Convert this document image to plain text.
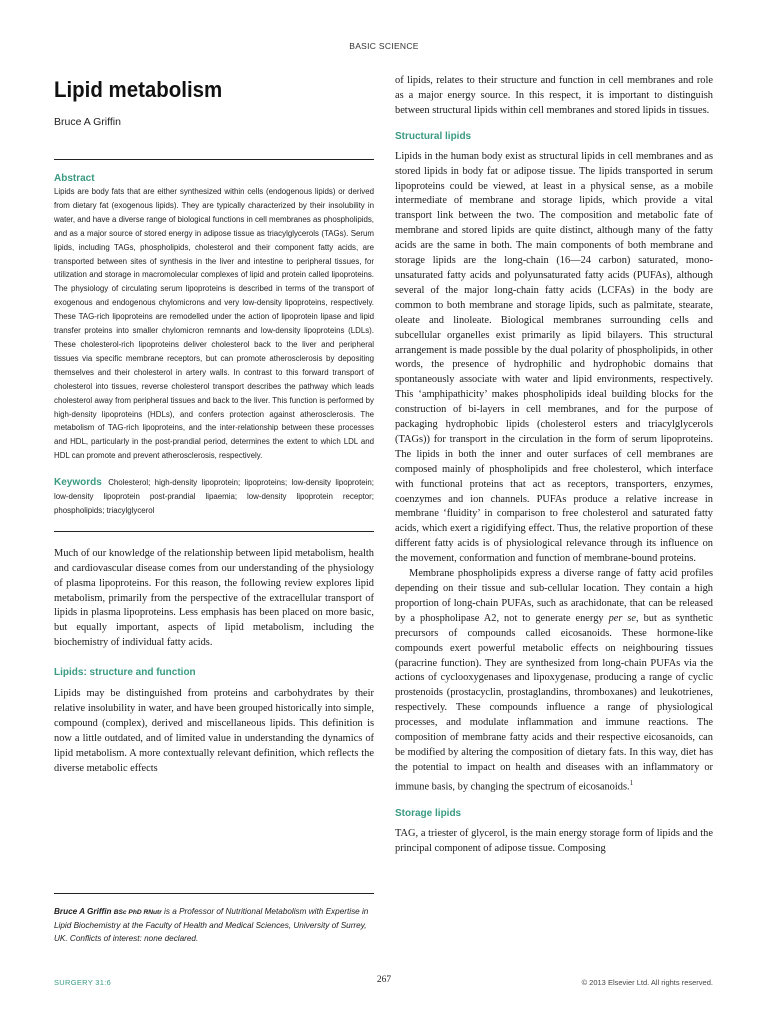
BASIC SCIENCE
Lipid metabolism
Bruce A Griffin
Abstract

Lipids are body fats that are either synthesized within cells (endogenous lipids) or derived from dietary fat (exogenous lipids). They are typically characterized by their insolubility in water, and have a diverse range of biological functions in cell membranes as phospholipids, and as a major source of stored energy in adipose tissue as triacylglycerols (TAGs). Serum lipids, including TAGs, phospholipids, cholesterol and their component fatty acids, are transported between sites of synthesis in the liver and intestine to peripheral tissues, for utilization and storage in macromolecular complexes of lipid and protein called lipoproteins. The physiology of circulating serum lipoproteins is described in terms of the transport of exogenous and endogenous chylomicrons and very low-density lipoproteins, respectively. These TAG-rich lipoproteins are remodelled under the action of lipoprotein lipase and lipid transfer proteins into smaller chylomicron remnants and low-density lipoproteins (LDLs). These cholesterol-rich lipoproteins deliver cholesterol back to the liver and peripheral tissues via specific membrane receptors, but can promote atherosclerosis by depositing themselves and their cholesterol in artery walls. In contrast to this forward transport of cholesterol into tissues, reverse cholesterol transport describes the pathway which leads cholesterol away from peripheral tissues and back to the liver. This function is performed by high-density lipoproteins (HDLs), and confers protection against atherosclerosis. The metabolism of TAG-rich lipoproteins, and the inter-relationship between these processes and HDL, particularly in the post-prandial period, determines the extent to which LDL and HDL can promote and prevent atherosclerosis, respectively.

Keywords Cholesterol; high-density lipoprotein; lipoproteins; low-density lipoprotein; low-density lipoprotein post-prandial lipaemia; low-density lipoprotein receptor; phospholipids; triacylglycerol

Much of our knowledge of the relationship between lipid metabolism, health and cardiovascular disease comes from our understanding of the physiology of plasma lipoproteins. For this reason, the following review explores lipid metabolism, primarily from the perspective of the extracellular transport of lipids in plasma lipoproteins. Less emphasis has been placed on more basic, but equally important, aspects of lipid metabolism, including the biochemistry of individual fatty acids.

Lipids: structure and function

Lipids may be distinguished from proteins and carbohydrates by their relative insolubility in water, and have been grouped historically into simple, compound (complex), derived and miscellaneous lipids. This definition is now a little outdated, and of limited value in understanding the dynamics of lipid metabolism. A more contextually relevant definition, which reflects the diverse metabolic effects

Bruce A Griffin BSc PhD RNutr is a Professor of Nutritional Metabolism with Expertise in Lipid Biochemistry at the Faculty of Health and Medical Sciences, University of Surrey, UK. Conflicts of interest: none declared.

of lipids, relates to their structure and function in cell membranes and role as a major energy source. In this respect, it is important to distinguish between structural lipids within cell membranes and stored lipids in tissues.

Structural lipids

Lipids in the human body exist as structural lipids in cell membranes and as stored lipids in body fat or adipose tissue. The lipids transported in serum lipoproteins could be viewed, at least in a physical sense, as a mobile intermediate of membrane and storage lipids, which provide a vital transport link between the two. The composition and metabolic fate of membrane and stored lipids are quite distinct, although many of the fatty acids are the same in both. The main components of both membrane and storage lipids are the long-chain (16—24 carbon) saturated, mono-unsaturated fatty acids and polyunsaturated fatty acids (PUFAs), although several of the major long-chain fatty acids (LCFAs) in the body are common to both membrane and storage lipids, such as palmitate, stearate, oleate and linoleate. Biological membranes surrounding cells and subcellular organelles exist primarily as lipid bilayers. This structural arrangement is made possible by the dual polarity of phospholipids, in other words, the presence of hydrophilic and hydrophobic domains that spontaneously associate with water and lipid environments, respectively. This ‘amphipathicity’ makes phospholipids ideal building blocks for the construction of bi-layers in cell membranes, and for the purpose of packaging hydrophobic lipids (cholesterol esters and triacylglycerols (TAGs)) for transport in the circulation in the form of serum lipoproteins. The lipids in both the inner and outer surfaces of cell membranes are composed mainly of phospholipids and free cholesterol, which interface with functional proteins that act as receptors, transporters, enzymes, coenzymes and ion channels. PUFAs produce a relative increase in membrane ‘fluidity’ in comparison to free cholesterol and saturated fatty acids, which exert a rigidifying effect. Thus, the relative proportion of these different fatty acids is of physiological relevance through its influence on the movement, conformation and function of membrane-bound proteins.

Membrane phospholipids express a diverse range of fatty acid profiles depending on their tissue and sub-cellular location. They contain a high proportion of long-chain PUFAs, such as arachidonate, that can be released by a phospholipase A2, not to generate energy per se, but as synthetic precursors of compounds called eicosanoids. These hormone-like compounds exert powerful metabolic effects on neighbouring tissues (paracrine function). They are synthesized from long-chain PUFAs via the actions of cyclooxygenases and lipoxygenase, producing a range of cyclic prostenoids (prostacyclin, prostaglandins, thromboxanes) and leukotrienes, respectively. These compounds influence a range of physiological processes, and modulate inflammation and immune reactions. The composition of membrane fatty acids and their respective eicosanoids, can be modified by altering the composition of dietary fats. In this way, diet has the potential to impact on health and diseases with an inflammatory or immune basis, by changing the spectrum of eicosanoids.$^1$

Storage lipids

TAG, a triester of glycerol, is the main energy storage form of lipids and the principal component of adipose tissue. Composing

SURGERY 31:6	267	© 2013 Elsevier Ltd. All rights reserved.
